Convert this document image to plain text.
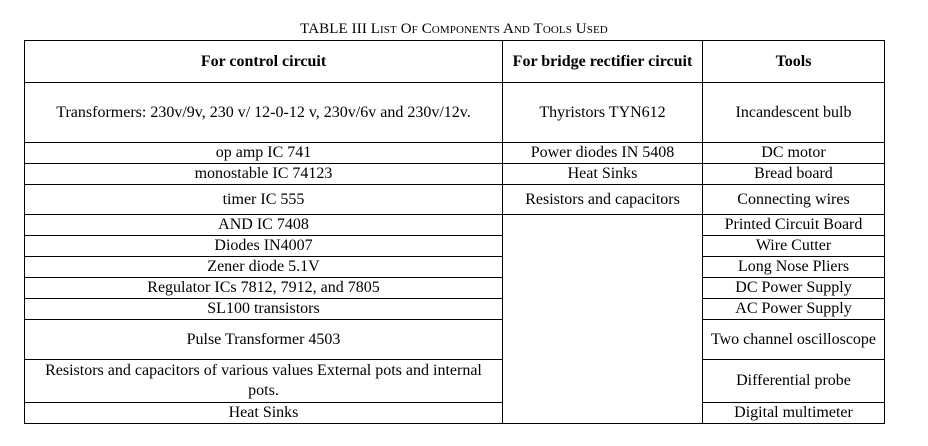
TABLE III List Of Components And Tools Used
For control circuit	For bridge rectifier circuit	Tools
Transformers: 230v/9v, 230 v/ 12-0-12 v, 230v/6v and 230v/12v.	Thyristors TYN612	Incandescent bulb
op amp IC 741	Power diodes IN 5408	DC motor
monostable IC 74123	Heat Sinks	Bread board
timer IC 555	Resistors and capacitors	Connecting wires
AND IC 7408		Printed Circuit Board
Diodes IN4007		Wire Cutter
Zener diode 5.1V		Long Nose Pliers
Regulator ICs 7812, 7912, and 7805		DC Power Supply
SL100 transistors		AC Power Supply
Pulse Transformer 4503		Two channel oscilloscope
Resistors and capacitors of various values External pots and internal pots.		Differential probe
Heat Sinks		Digital multimeter
